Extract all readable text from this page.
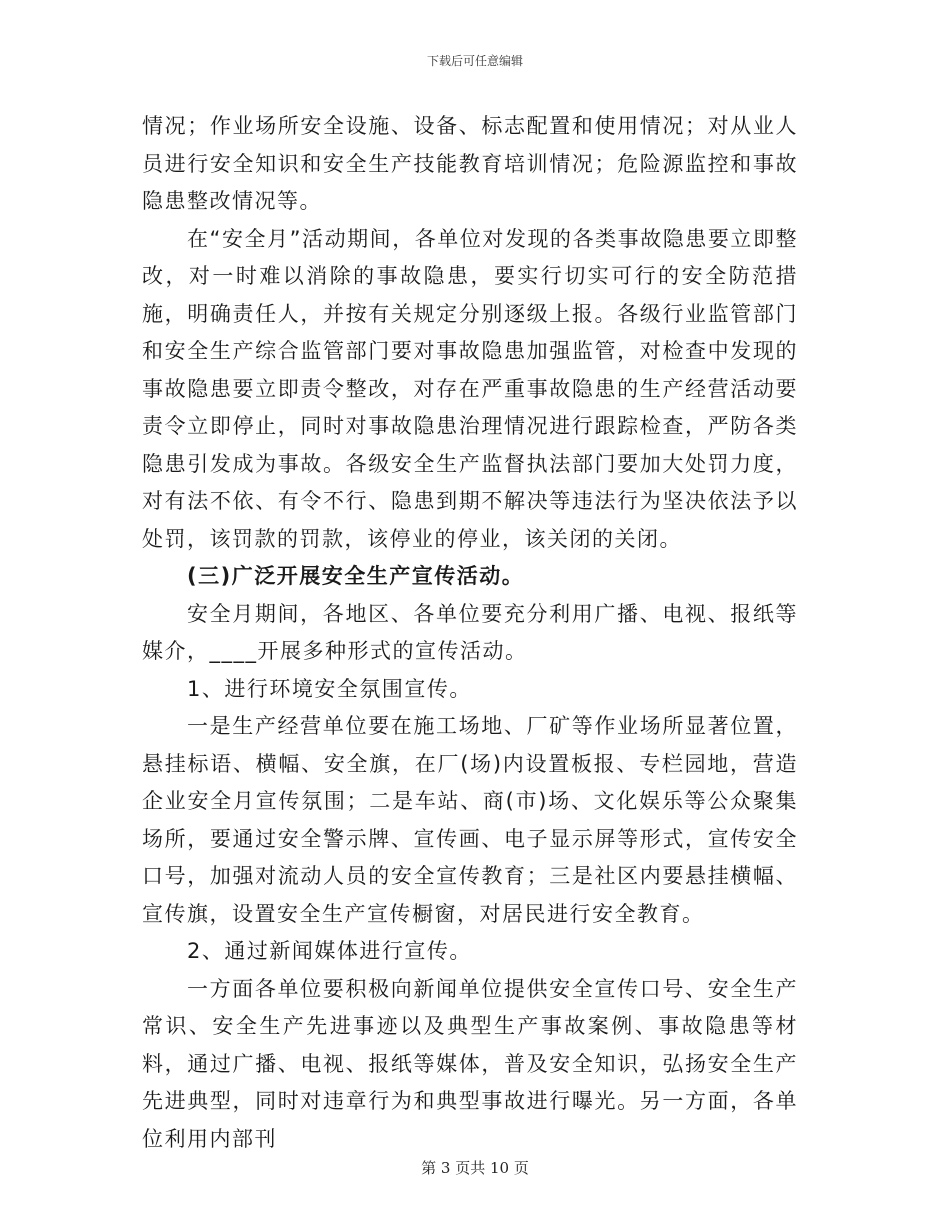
下载后可任意编辑

情况；作业场所安全设施、设备、标志配置和使用情况；对从业人员进行安全知识和安全生产技能教育培训情况；危险源监控和事故隐患整改情况等。

在“安全月”活动期间，各单位对发现的各类事故隐患要立即整改，对一时难以消除的事故隐患，要实行切实可行的安全防范措施，明确责任人，并按有关规定分别逐级上报。各级行业监管部门和安全生产综合监管部门要对事故隐患加强监管，对检查中发现的事故隐患要立即责令整改，对存在严重事故隐患的生产经营活动要责令立即停止，同时对事故隐患治理情况进行跟踪检查，严防各类隐患引发成为事故。各级安全生产监督执法部门要加大处罚力度，对有法不依、有令不行、隐患到期不解决等违法行为坚决依法予以处罚，该罚款的罚款，该停业的停业，该关闭的关闭。

(三)广泛开展安全生产宣传活动。

安全月期间，各地区、各单位要充分利用广播、电视、报纸等媒介，____开展多种形式的宣传活动。

1、进行环境安全氛围宣传。

一是生产经营单位要在施工场地、厂矿等作业场所显著位置，悬挂标语、横幅、安全旗，在厂(场)内设置板报、专栏园地，营造企业安全月宣传氛围；二是车站、商(市)场、文化娱乐等公众聚集场所，要通过安全警示牌、宣传画、电子显示屏等形式，宣传安全口号，加强对流动人员的安全宣传教育；三是社区内要悬挂横幅、宣传旗，设置安全生产宣传橱窗，对居民进行安全教育。

2、通过新闻媒体进行宣传。

一方面各单位要积极向新闻单位提供安全宣传口号、安全生产常识、安全生产先进事迹以及典型生产事故案例、事故隐患等材料，通过广播、电视、报纸等媒体，普及安全知识，弘扬安全生产先进典型，同时对违章行为和典型事故进行曝光。另一方面，各单位利用内部刊

第 3 页共 10 页
